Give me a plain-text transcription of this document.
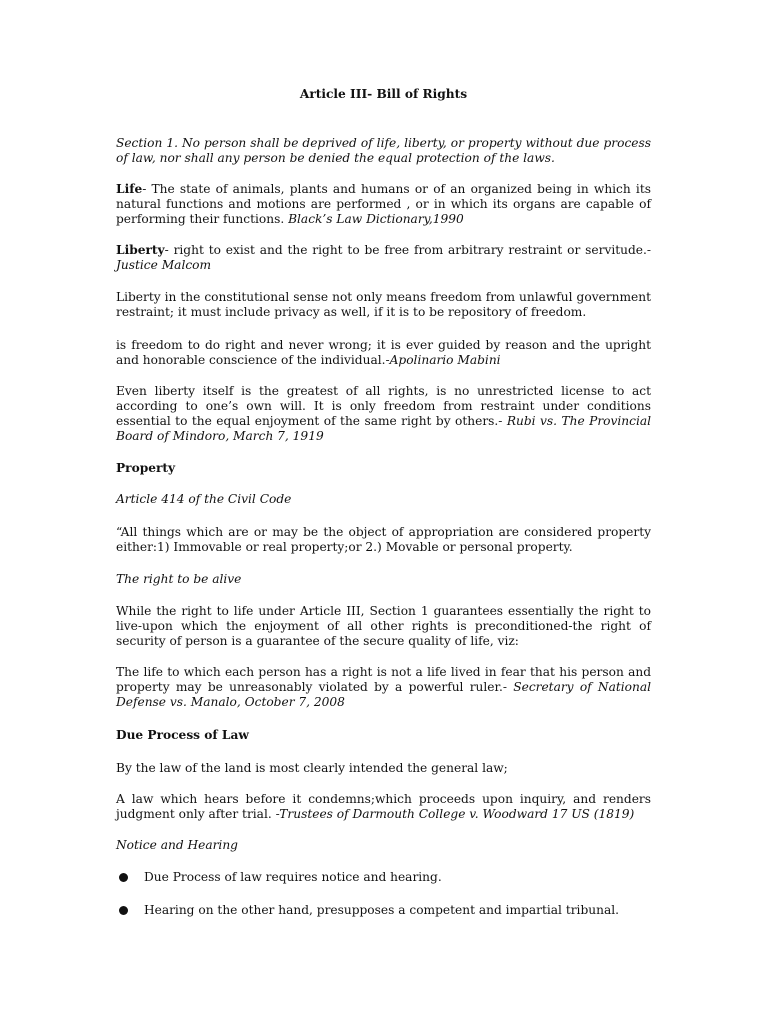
Article III- Bill of Rights

Section 1. No person shall be deprived of life, liberty, or property without due process of law, nor shall any person be denied the equal protection of the laws.

Life- The state of animals, plants and humans or of an organized being in which its natural functions and motions are performed , or in which its organs are capable of performing their functions. Black’s Law Dictionary,1990

Liberty- right to exist and the right to be free from arbitrary restraint or servitude.- Justice Malcom

Liberty in the constitutional sense not only means freedom from unlawful government restraint; it must include privacy as well, if it is to be repository of freedom.

is freedom to do right and never wrong; it is ever guided by reason and the upright and honorable conscience of the individual.-Apolinario Mabini

Even liberty itself is the greatest of all rights, is no unrestricted license to act according to one’s own will. It is only freedom from restraint under conditions essential to the equal enjoyment of the same right by others.- Rubi vs. The Provincial Board of Mindoro, March 7, 1919

Property

Article 414 of the Civil Code

“All things which are or may be the object of appropriation are considered property either:1) Immovable or real property;or 2.) Movable or personal property.

The right to be alive

While the right to life under Article III, Section 1 guarantees essentially the right to live-upon which the enjoyment of all other rights is preconditioned-the right of security of person is a guarantee of the secure quality of life, viz:

The life to which each person has a right is not a life lived in fear that his person and property may be unreasonably violated by a powerful ruler.- Secretary of National Defense vs. Manalo, October 7, 2008

Due Process of Law

By the law of the land is most clearly intended the general law;

A law which hears before it condemns;which proceeds upon inquiry, and renders judgment only after trial. -Trustees of Darmouth College v. Woodward 17 US (1819)

Notice and Hearing

Due Process of law requires notice and hearing.
Hearing on the other hand, presupposes a competent and impartial tribunal.
